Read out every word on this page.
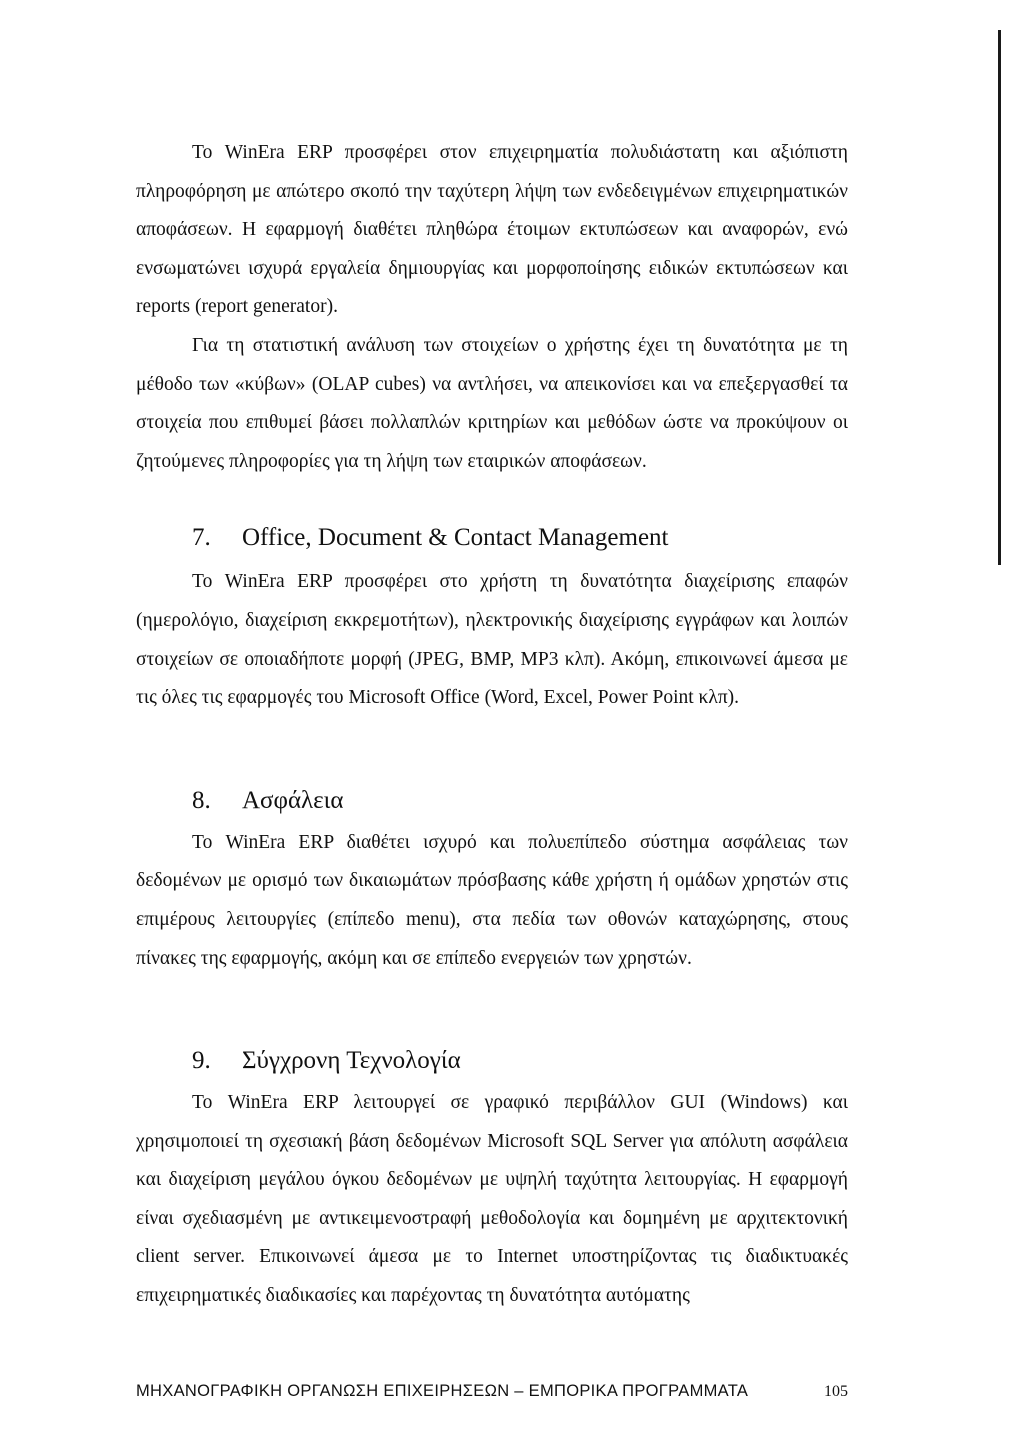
Το WinEra ERP προσφέρει στον επιχειρηματία πολυδιάστατη και αξιόπιστη πληροφόρηση με απώτερο σκοπό την ταχύτερη λήψη των ενδεδειγμένων επιχειρηματικών αποφάσεων. Η εφαρμογή διαθέτει πληθώρα έτοιμων εκτυπώσεων και αναφορών, ενώ ενσωματώνει ισχυρά εργαλεία δημιουργίας και μορφοποίησης ειδικών εκτυπώσεων και reports (report generator).

Για τη στατιστική ανάλυση των στοιχείων ο χρήστης έχει τη δυνατότητα με τη μέθοδο των «κύβων» (OLAP cubes) να αντλήσει, να απεικονίσει και να επεξεργασθεί τα στοιχεία που επιθυμεί βάσει πολλαπλών κριτηρίων και μεθόδων ώστε να προκύψουν οι ζητούμενες πληροφορίες για τη λήψη των εταιρικών αποφάσεων.

7. Office, Document & Contact Management

Το WinEra ERP προσφέρει στο χρήστη τη δυνατότητα διαχείρισης επαφών (ημερολόγιο, διαχείριση εκκρεμοτήτων), ηλεκτρονικής διαχείρισης εγγράφων και λοιπών στοιχείων σε οποιαδήποτε μορφή (JPEG, BMP, MP3 κλπ). Ακόμη, επικοινωνεί άμεσα με τις όλες τις εφαρμογές του Microsoft Office (Word, Excel, Power Point κλπ).

8. Ασφάλεια

Το WinEra ERP διαθέτει ισχυρό και πολυεπίπεδο σύστημα ασφάλειας των δεδομένων με ορισμό των δικαιωμάτων πρόσβασης κάθε χρήστη ή ομάδων χρηστών στις επιμέρους λειτουργίες (επίπεδο menu), στα πεδία των οθονών καταχώρησης, στους πίνακες της εφαρμογής, ακόμη και σε επίπεδο ενεργειών των χρηστών.

9. Σύγχρονη Τεχνολογία

Το WinEra ERP λειτουργεί σε γραφικό περιβάλλον GUI (Windows) και χρησιμοποιεί τη σχεσιακή βάση δεδομένων Microsoft SQL Server για απόλυτη ασφάλεια και διαχείριση μεγάλου όγκου δεδομένων με υψηλή ταχύτητα λειτουργίας. Η εφαρμογή είναι σχεδιασμένη με αντικειμενοστραφή μεθοδολογία και δομημένη με αρχιτεκτονική client server. Επικοινωνεί άμεσα με το Internet υποστηρίζοντας τις διαδικτυακές επιχειρηματικές διαδικασίες και παρέχοντας τη δυνατότητα αυτόματης

ΜΗΧΑΝΟΓΡΑΦΙΚΗ ΟΡΓΑΝΩΣΗ ΕΠΙΧΕΙΡΗΣΕΩΝ – ΕΜΠΟΡΙΚΑ ΠΡΟΓΡΑΜΜΑΤΑ	105
